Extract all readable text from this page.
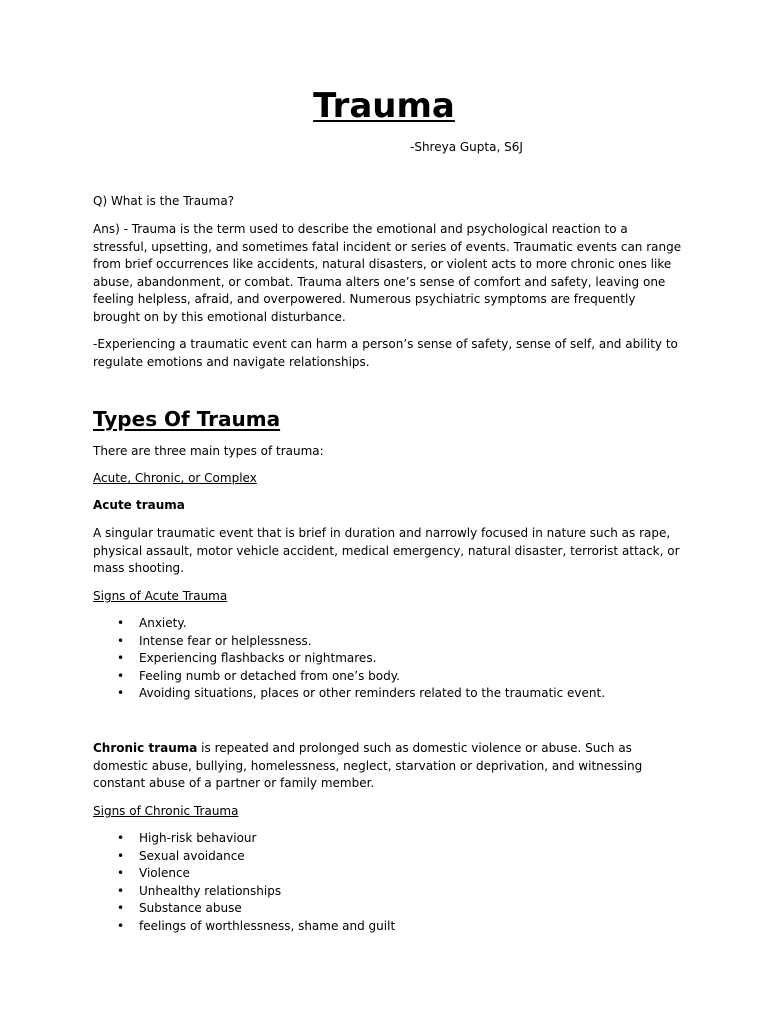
Trauma
-Shreya Gupta, S6J

Q) What is the Trauma?

Ans) - Trauma is the term used to describe the emotional and psychological reaction to a stressful, upsetting, and sometimes fatal incident or series of events. Traumatic events can range from brief occurrences like accidents, natural disasters, or violent acts to more chronic ones like abuse, abandonment, or combat. Trauma alters one’s sense of comfort and safety, leaving one feeling helpless, afraid, and overpowered. Numerous psychiatric symptoms are frequently brought on by this emotional disturbance.

-Experiencing a traumatic event can harm a person’s sense of safety, sense of self, and ability to regulate emotions and navigate relationships.

Types Of Trauma

There are three main types of trauma:

Acute, Chronic, or Complex

Acute trauma

A singular traumatic event that is brief in duration and narrowly focused in nature such as rape, physical assault, motor vehicle accident, medical emergency, natural disaster, terrorist attack, or mass shooting.

Signs of Acute Trauma

• Anxiety.
• Intense fear or helplessness.
• Experiencing flashbacks or nightmares.
• Feeling numb or detached from one’s body.
• Avoiding situations, places or other reminders related to the traumatic event.

Chronic trauma is repeated and prolonged such as domestic violence or abuse. Such as domestic abuse, bullying, homelessness, neglect, starvation or deprivation, and witnessing constant abuse of a partner or family member.

Signs of Chronic Trauma

• High-risk behaviour
• Sexual avoidance
• Violence
• Unhealthy relationships
• Substance abuse
• feelings of worthlessness, shame and guilt
